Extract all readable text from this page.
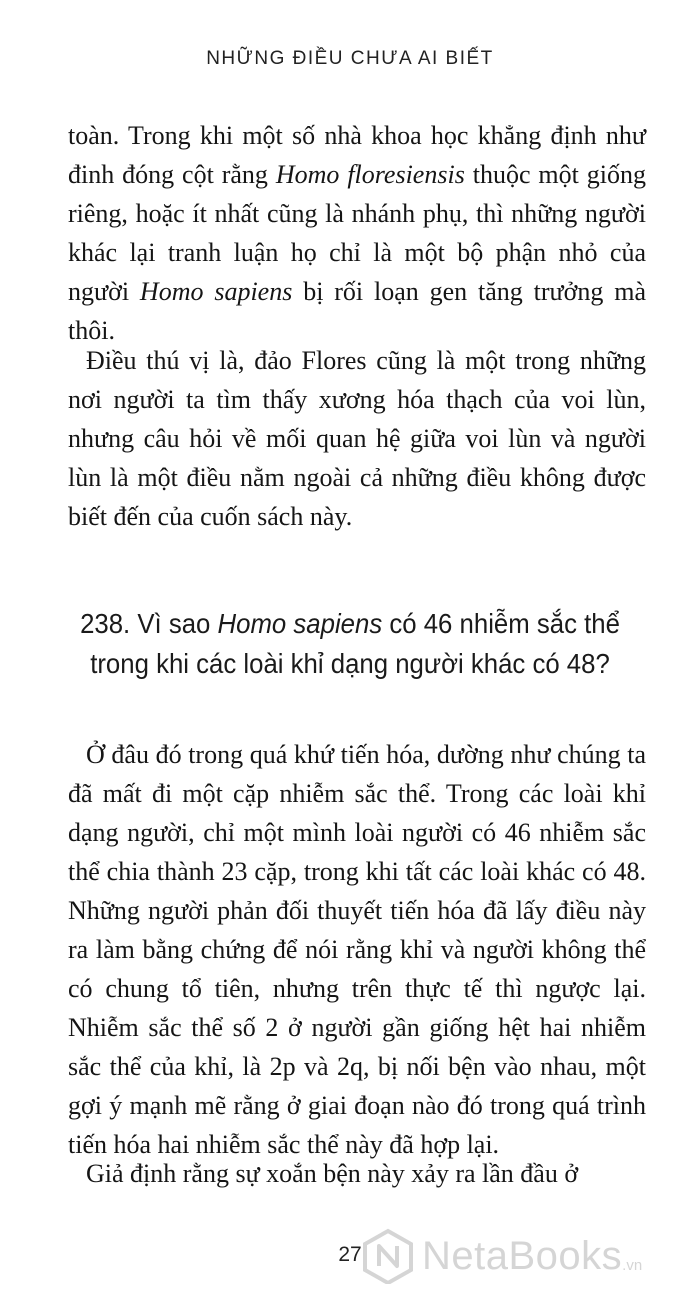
NHỮNG ĐIỀU CHƯA AI BIẾT

toàn. Trong khi một số nhà khoa học khẳng định như đinh đóng cột rằng Homo floresiensis thuộc một giống riêng, hoặc ít nhất cũng là nhánh phụ, thì những người khác lại tranh luận họ chỉ là một bộ phận nhỏ của người Homo sapiens bị rối loạn gen tăng trưởng mà thôi.

Điều thú vị là, đảo Flores cũng là một trong những nơi người ta tìm thấy xương hóa thạch của voi lùn, nhưng câu hỏi về mối quan hệ giữa voi lùn và người lùn là một điều nằm ngoài cả những điều không được biết đến của cuốn sách này.

238. Vì sao Homo sapiens có 46 nhiễm sắc thể trong khi các loài khỉ dạng người khác có 48?

Ở đâu đó trong quá khứ tiến hóa, dường như chúng ta đã mất đi một cặp nhiễm sắc thể. Trong các loài khỉ dạng người, chỉ một mình loài người có 46 nhiễm sắc thể chia thành 23 cặp, trong khi tất các loài khác có 48. Những người phản đối thuyết tiến hóa đã lấy điều này ra làm bằng chứng để nói rằng khỉ và người không thể có chung tổ tiên, nhưng trên thực tế thì ngược lại. Nhiễm sắc thể số 2 ở người gần giống hệt hai nhiễm sắc thể của khỉ, là 2p và 2q, bị nối bện vào nhau, một gợi ý mạnh mẽ rằng ở giai đoạn nào đó trong quá trình tiến hóa hai nhiễm sắc thể này đã hợp lại.

Giả định rằng sự xoắn bện này xảy ra lần đầu ở

27	NetaBooks .vn
